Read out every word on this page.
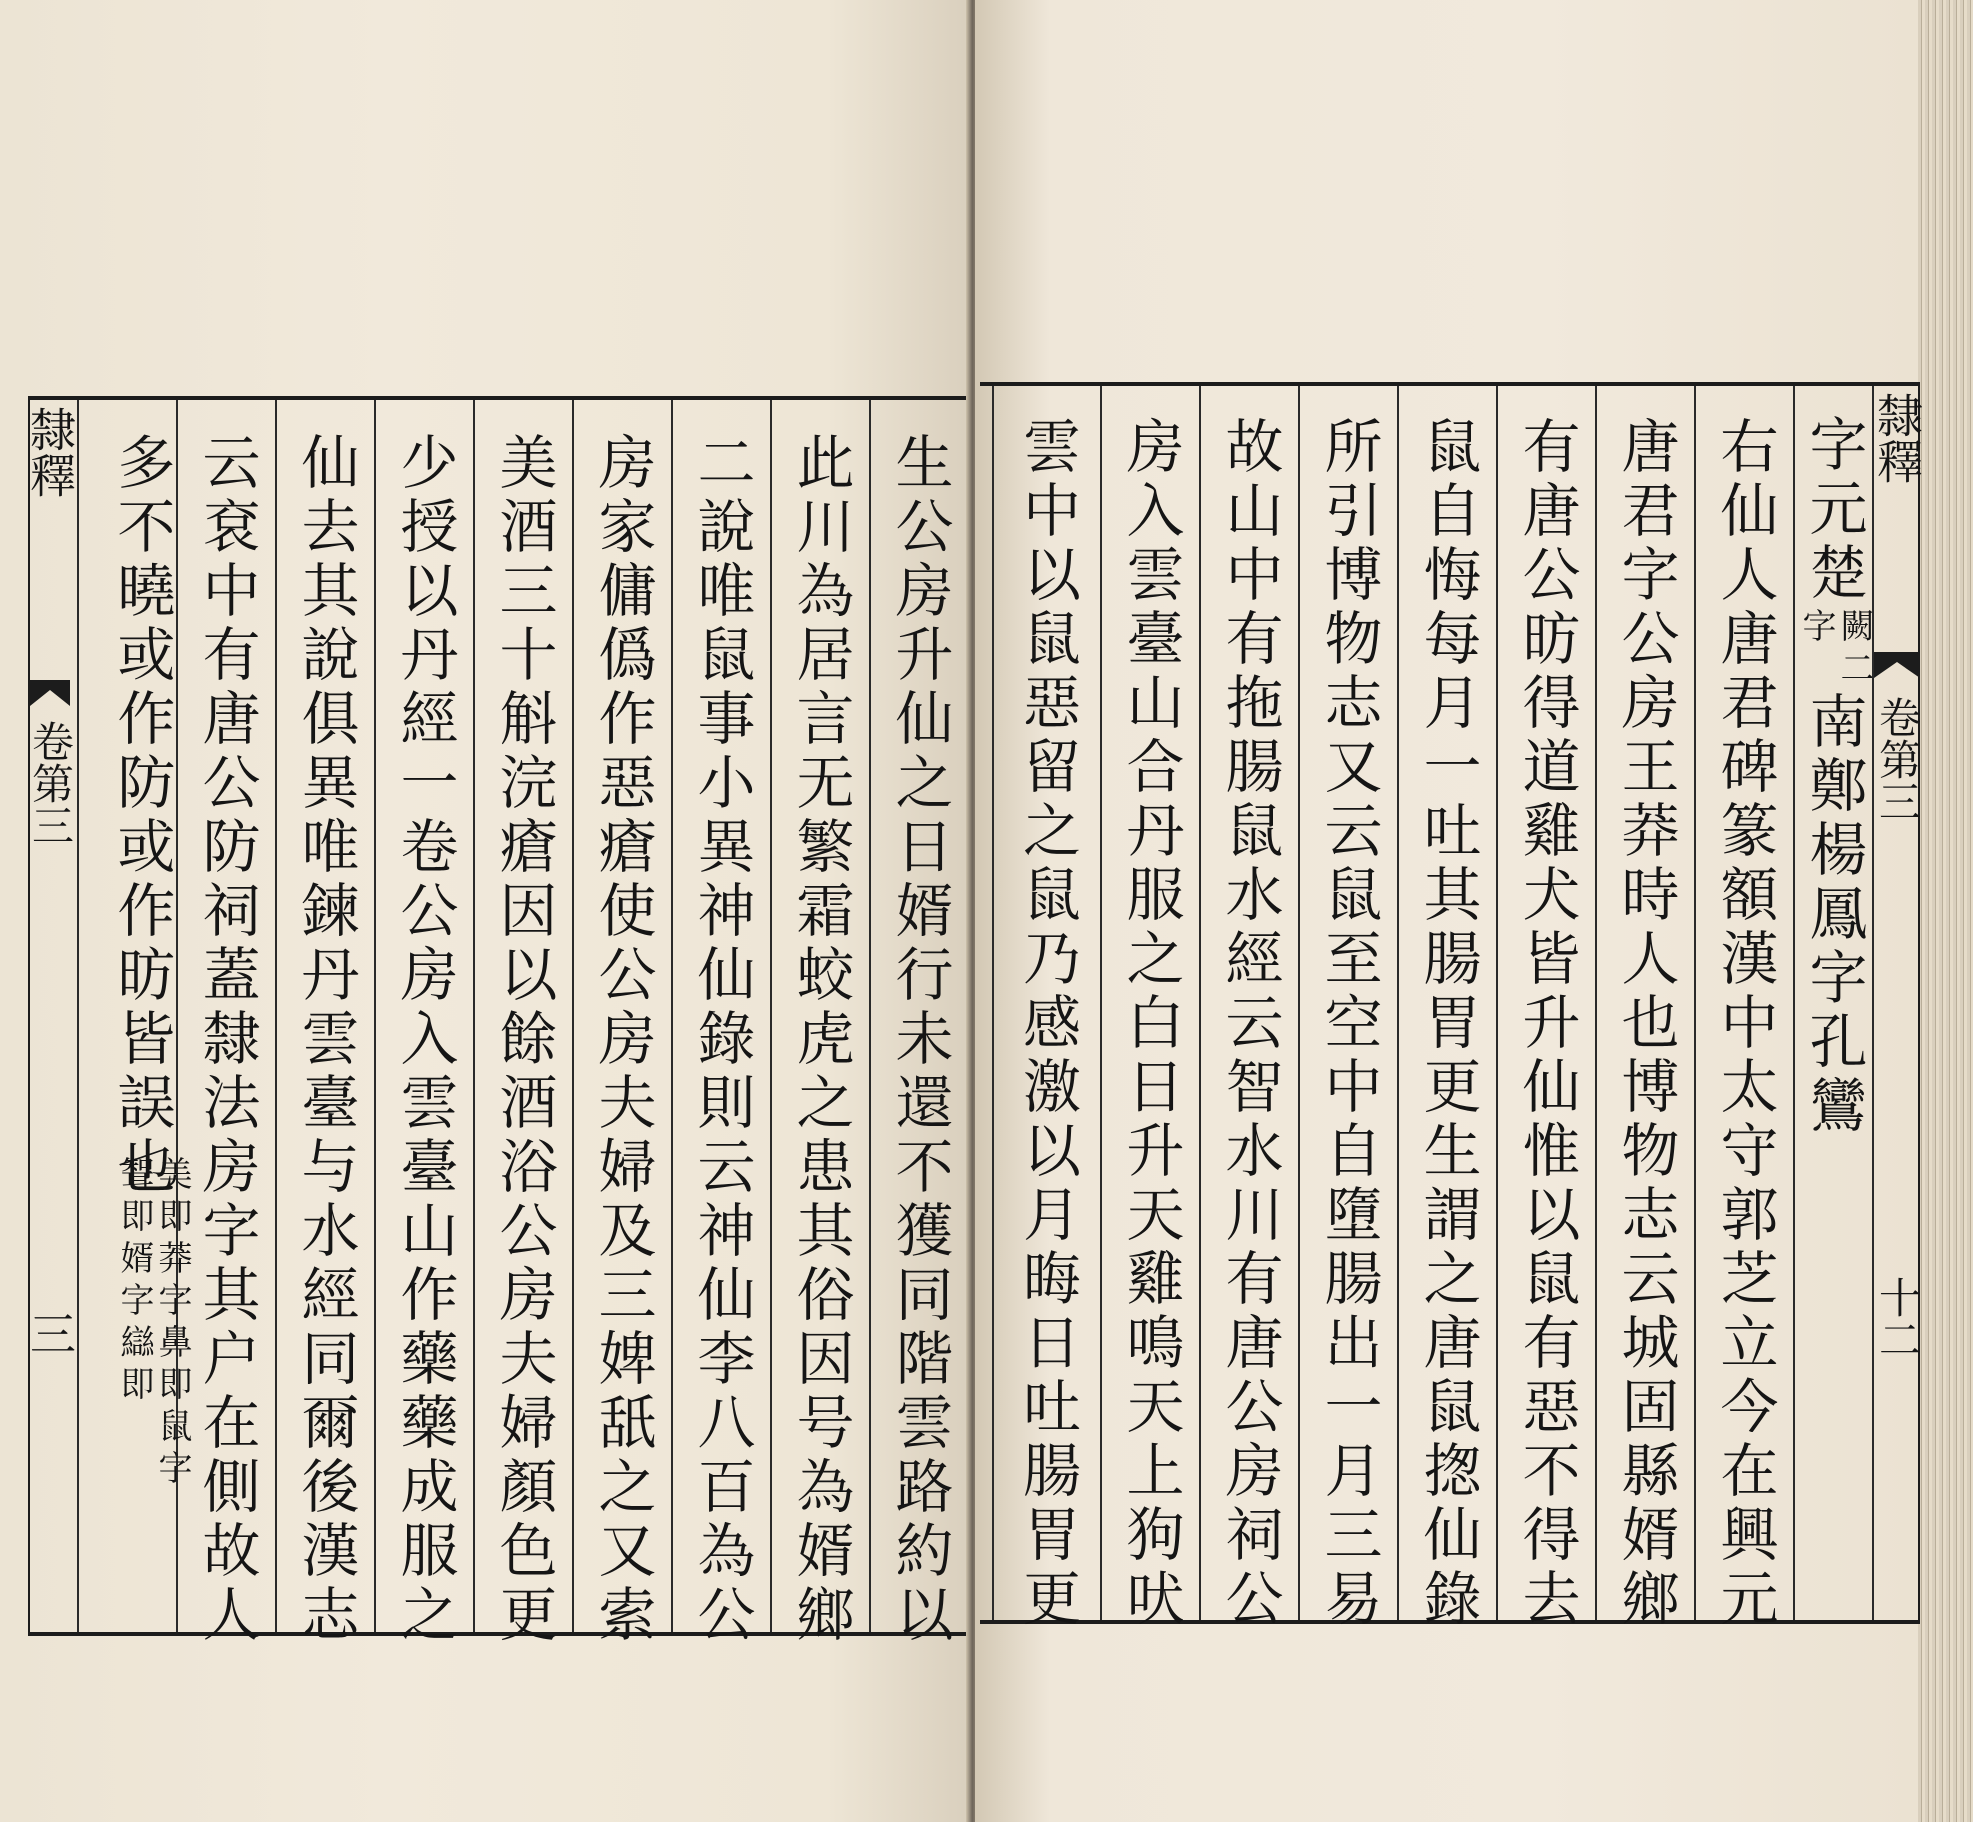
隸釋
卷第三
三	生公房升仙之日婿行未還不獲同階雲路約以
此川為居言无繁霜蛟虎之患其俗因号為婿鄉
二說唯鼠事小異神仙錄則云神仙李八百為公
房家傭僞作惡瘡使公房夫婦及三婢舐之又索
美酒三十斛浣瘡因以餘酒浴公房夫婦顏色更
少授以丹經一卷公房入雲臺山作藥藥成服之
仙去其說俱異唯鍊丹雲臺与水經同爾後漢志
云袞中有唐公防祠蓋隸法房字其户在側故人
多不曉或作防或作昉皆誤也
美即莽字鼻即鼠字
聟即婿字䜌即	右仙人唐君碑篆額漢中太守郭芝立今在興元
唐君字公房王莽時人也博物志云城固縣婿鄉
有唐公昉得道雞犬皆升仙惟以鼠有惡不得去
鼠自悔每月一吐其腸胃更生謂之唐鼠揔仙錄
所引博物志又云鼠至空中自墮腸出一月三易
故山中有拖腸鼠水經云智水川有唐公房祠公
房入雲臺山合丹服之白日升天雞鳴天上狗吠
雲中以鼠惡留之鼠乃感激以月晦日吐腸胃更	字元楚
闕二
字
南鄭楊鳳字孔鸞
隸釋
卷第三
十二
